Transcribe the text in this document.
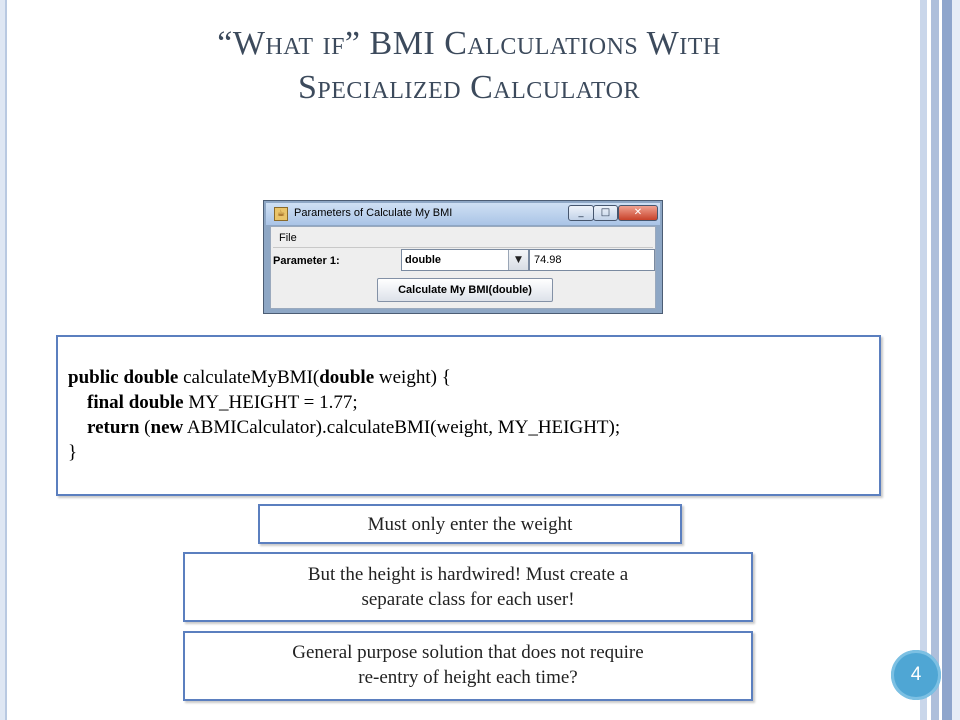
“What if” BMI Calculations With
Specialized Calculator
☕ Parameters of Calculate My BMI	_	□	✕
File
Parameter 1:	double	▼	74.98
Calculate My BMI(double)
public double calculateMyBMI(double weight) {
final double MY_HEIGHT = 1.77;
return (new ABMICalculator).calculateBMI(weight, MY_HEIGHT);
}
Must only enter the weight
But the height is hardwired! Must create a
separate class for each user!
General purpose solution that does not require
re-entry of height each time?	4
